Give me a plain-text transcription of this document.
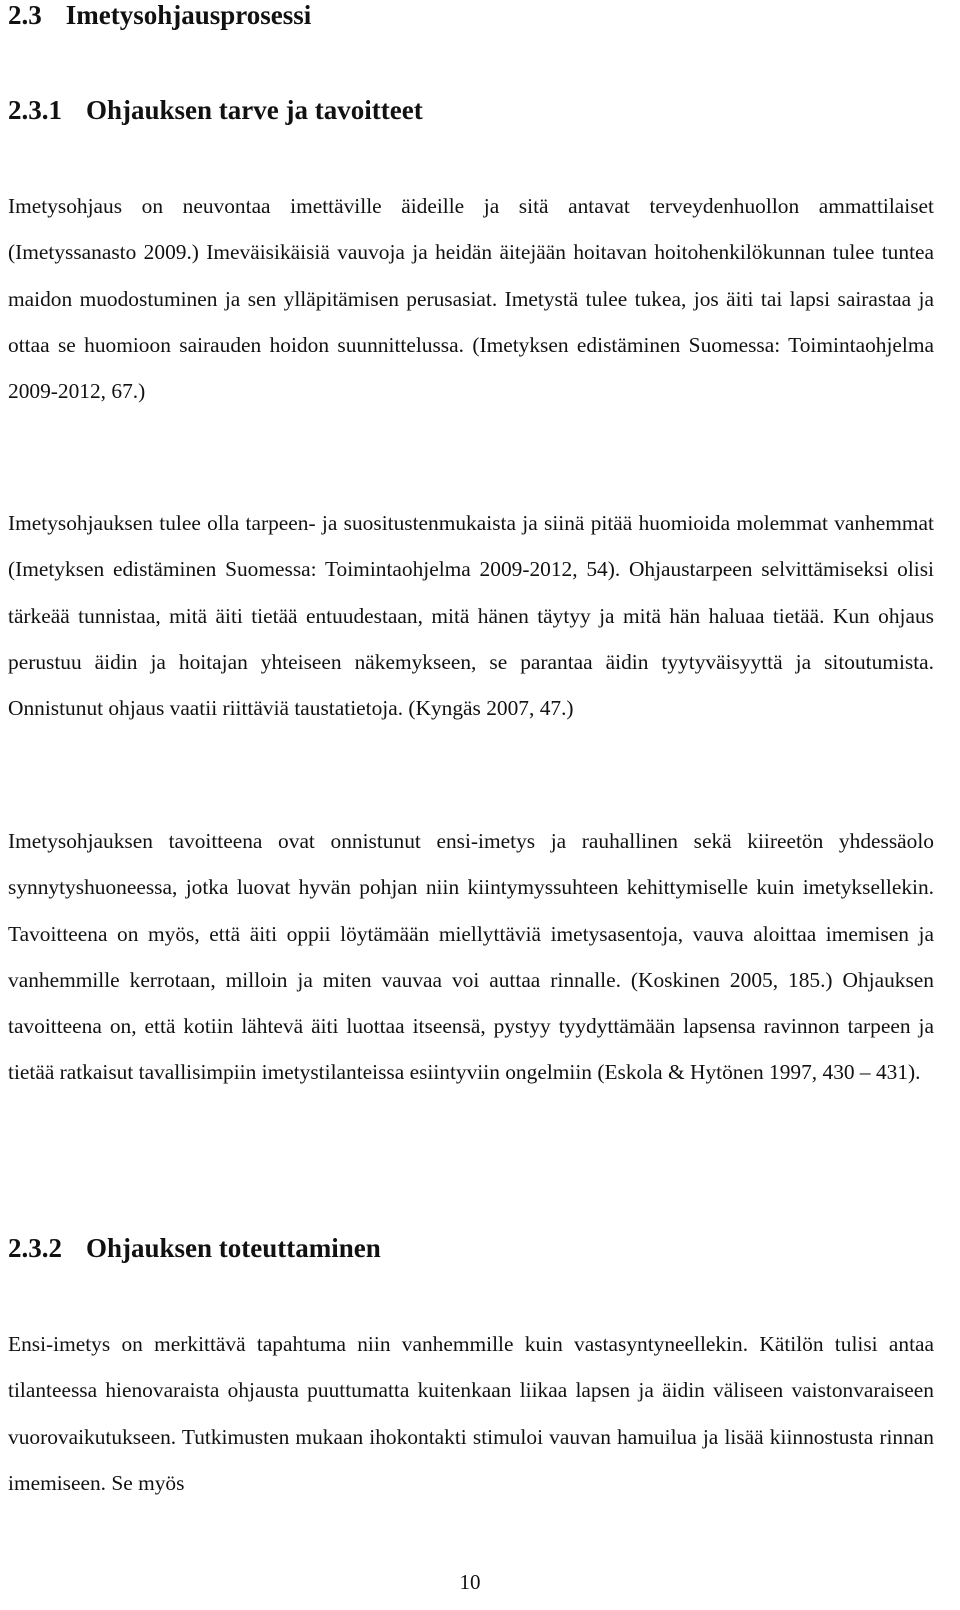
2.3 Imetysohjausprosessi
2.3.1 Ohjauksen tarve ja tavoitteet

Imetysohjaus on neuvontaa imettäville äideille ja sitä antavat terveydenhuollon ammattilaiset (Imetyssanasto 2009.) Imeväisikäisiä vauvoja ja heidän äitejään hoitavan hoitohenkilökunnan tulee tuntea maidon muodostuminen ja sen ylläpitämisen perusasiat. Imetystä tulee tukea, jos äiti tai lapsi sairastaa ja ottaa se huomioon sairauden hoidon suunnittelussa. (Imetyksen edistäminen Suomessa: Toimintaohjelma 2009-2012, 67.)

Imetysohjauksen tulee olla tarpeen- ja suositustenmukaista ja siinä pitää huomioida molemmat vanhemmat (Imetyksen edistäminen Suomessa: Toimintaohjelma 2009-2012, 54). Ohjaustarpeen selvittämiseksi olisi tärkeää tunnistaa, mitä äiti tietää entuudestaan, mitä hänen täytyy ja mitä hän haluaa tietää. Kun ohjaus perustuu äidin ja hoitajan yhteiseen näkemykseen, se parantaa äidin tyytyväisyyttä ja sitoutumista. Onnistunut ohjaus vaatii riittäviä taustatietoja. (Kyngäs 2007, 47.)

Imetysohjauksen tavoitteena ovat onnistunut ensi-imetys ja rauhallinen sekä kiireetön yhdessäolo synnytyshuoneessa, jotka luovat hyvän pohjan niin kiintymyssuhteen kehittymiselle kuin imetyksellekin. Tavoitteena on myös, että äiti oppii löytämään miellyttäviä imetysasentoja, vauva aloittaa imemisen ja vanhemmille kerrotaan, milloin ja miten vauvaa voi auttaa rinnalle. (Koskinen 2005, 185.) Ohjauksen tavoitteena on, että kotiin lähtevä äiti luottaa itseensä, pystyy tyydyttämään lapsensa ravinnon tarpeen ja tietää ratkaisut tavallisimpiin imetystilanteissa esiintyviin ongelmiin (Eskola & Hytönen 1997, 430 – 431).

2.3.2 Ohjauksen toteuttaminen

Ensi-imetys on merkittävä tapahtuma niin vanhemmille kuin vastasyntyneellekin. Kätilön tulisi antaa tilanteessa hienovaraista ohjausta puuttumatta kuitenkaan liikaa lapsen ja äidin väliseen vaistonvaraiseen vuorovaikutukseen. Tutkimusten mukaan ihokontakti stimuloi vauvan hamuilua ja lisää kiinnostusta rinnan imemiseen. Se myös

10
